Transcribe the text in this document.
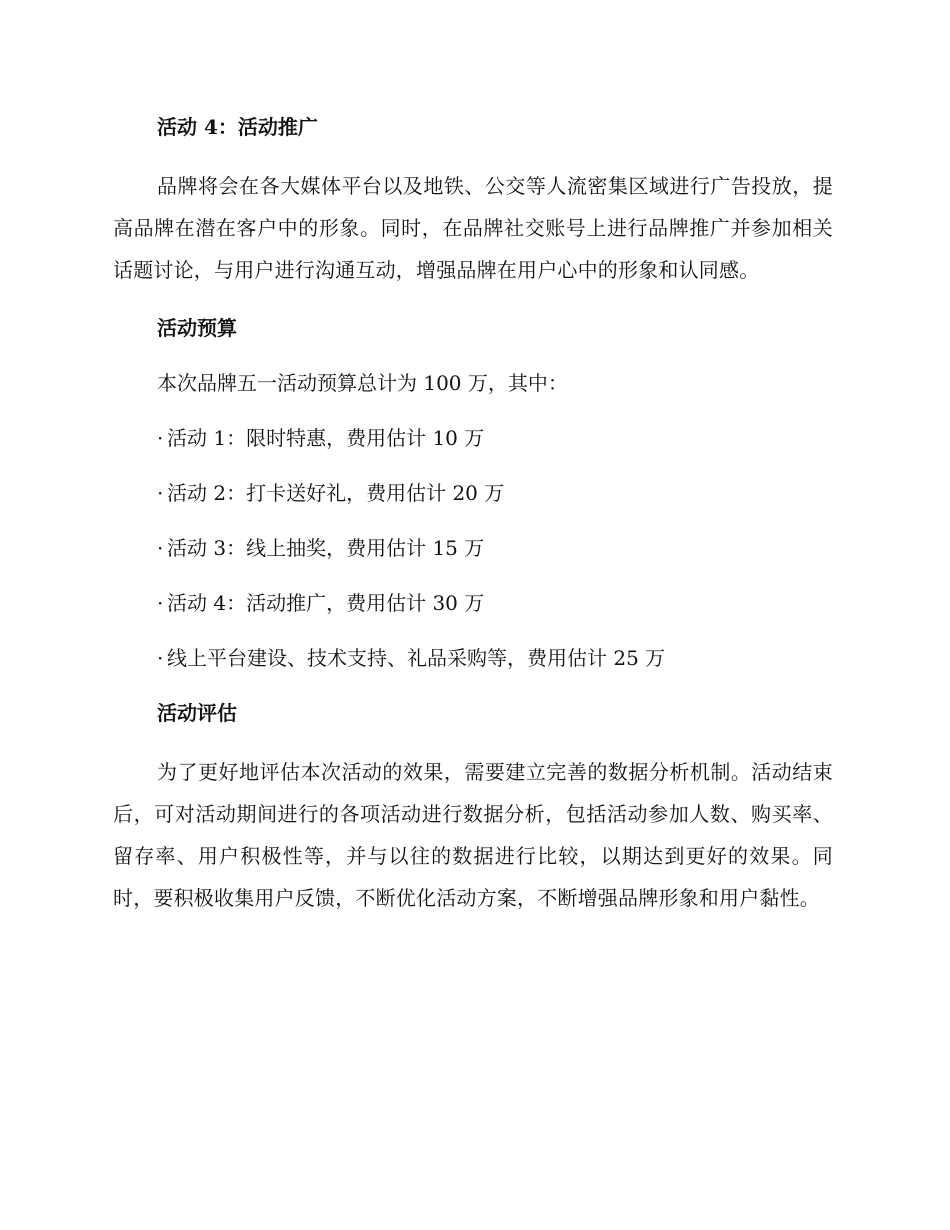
活动 4：活动推广

品牌将会在各大媒体平台以及地铁、公交等人流密集区域进行广告投放，提高品牌在潜在客户中的形象。同时，在品牌社交账号上进行品牌推广并参加相关话题讨论，与用户进行沟通互动，增强品牌在用户心中的形象和认同感。

活动预算
本次品牌五一活动预算总计为 100 万，其中：
· 活动 1：限时特惠，费用估计 10 万
· 活动 2：打卡送好礼，费用估计 20 万
· 活动 3：线上抽奖，费用估计 15 万
· 活动 4：活动推广，费用估计 30 万
· 线上平台建设、技术支持、礼品采购等，费用估计 25 万
活动评估

为了更好地评估本次活动的效果，需要建立完善的数据分析机制。活动结束后，可对活动期间进行的各项活动进行数据分析，包括活动参加人数、购买率、留存率、用户积极性等，并与以往的数据进行比较，以期达到更好的效果。同时，要积极收集用户反馈，不断优化活动方案，不断增强品牌形象和用户黏性。
